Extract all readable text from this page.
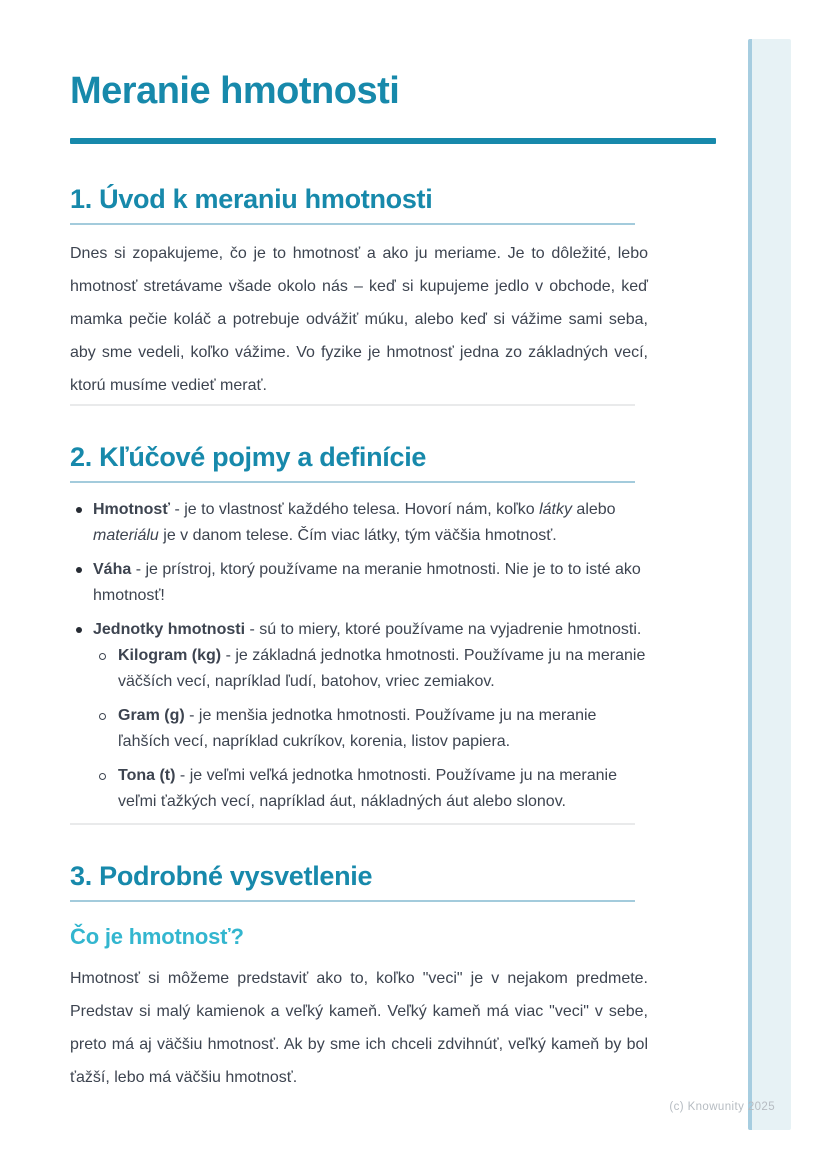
Meranie hmotnosti
1. Úvod k meraniu hmotnosti

Dnes si zopakujeme, čo je to hmotnosť a ako ju meriame. Je to dôležité, lebo hmotnosť stretávame všade okolo nás – keď si kupujeme jedlo v obchode, keď mamka pečie koláč a potrebuje odvážiť múku, alebo keď si vážime sami seba, aby sme vedeli, koľko vážime. Vo fyzike je hmotnosť jedna zo základných vecí, ktorú musíme vedieť merať.

2. Kľúčové pojmy a definície
Hmotnosť - je to vlastnosť každého telesa. Hovorí nám, koľko látky alebo materiálu je v danom telese. Čím viac látky, tým väčšia hmotnosť.
Váha - je prístroj, ktorý používame na meranie hmotnosti. Nie je to to isté ako hmotnosť!
Jednotky hmotnosti - sú to miery, ktoré používame na vyjadrenie hmotnosti.
Kilogram (kg) - je základná jednotka hmotnosti. Používame ju na meranie väčších vecí, napríklad ľudí, batohov, vriec zemiakov.
Gram (g) - je menšia jednotka hmotnosti. Používame ju na meranie ľahších vecí, napríklad cukríkov, korenia, listov papiera.
Tona (t) - je veľmi veľká jednotka hmotnosti. Používame ju na meranie veľmi ťažkých vecí, napríklad áut, nákladných áut alebo slonov.
3. Podrobné vysvetlenie
Čo je hmotnosť?

Hmotnosť si môžeme predstaviť ako to, koľko "veci" je v nejakom predmete. Predstav si malý kamienok a veľký kameň. Veľký kameň má viac "veci" v sebe, preto má aj väčšiu hmotnosť. Ak by sme ich chceli zdvihnúť, veľký kameň by bol ťažší, lebo má väčšiu hmotnosť.

(c) Knowunity 2025
